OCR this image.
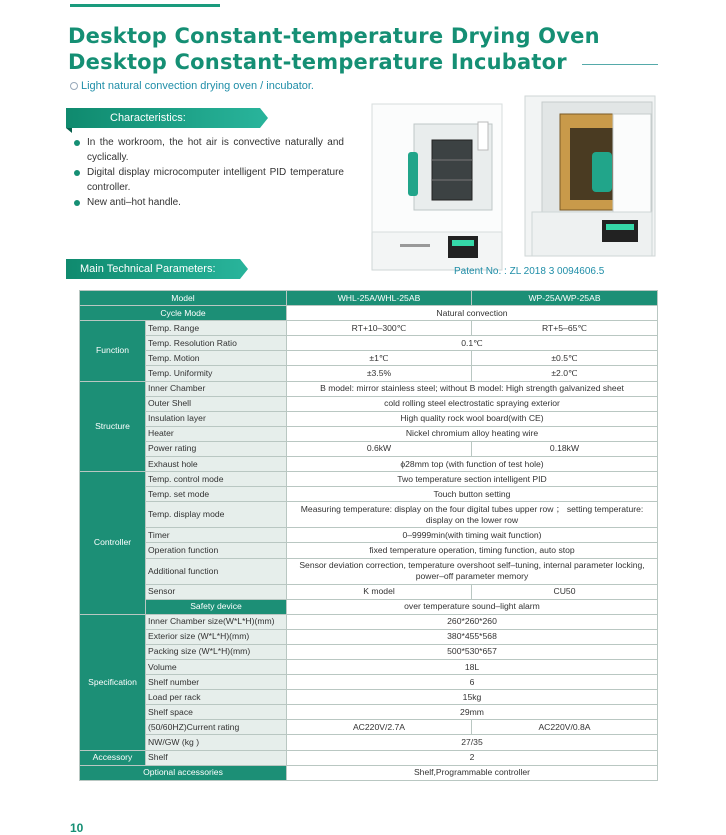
Desktop Constant-temperature Drying Oven
Desktop Constant-temperature Incubator
Light natural convection drying oven / incubator.
Characteristics:
In the workroom, the hot air is convective naturally and cyclically.
Digital display microcomputer intelligent PID temperature controller.
New anti–hot handle.
Patent No. : ZL 2018 3 0094606.5
Main Technical Parameters:
Model		WHL-25A/WHL-25AB	WP-25A/WP-25AB
Cycle Mode		Natural convection	
Function	Temp. Range	RT+10–300℃	RT+5–65℃
	Temp. Resolution Ratio	0.1℃	
	Temp. Motion	±1℃	±0.5℃
	Temp. Uniformity	±3.5%	±2.0℃
Structure	Inner Chamber	B model: mirror stainless steel; without B model: High strength galvanized sheet	
	Outer Shell	cold rolling steel electrostatic spraying exterior	
	Insulation layer	High quality rock wool board(with CE)	
	Heater	Nickel chromium alloy heating wire	
	Power rating	0.6kW	0.18kW
	Exhaust hole	ϕ28mm top (with function of test hole)	
Controller	Temp. control mode	Two temperature section intelligent PID	
	Temp. set mode	Touch button setting	
	Temp. display mode	Measuring temperature: display on the four digital tubes upper row ； setting temperature: display on the lower row	
	Timer	0–9999min(with timing wait function)	
	Operation function	fixed temperature operation, timing function, auto stop	
	Additional function	Sensor deviation correction, temperature overshoot self–tuning, internal parameter locking, power–off parameter memory	
	Sensor	K model	CU50
	Safety device	over temperature sound–light alarm	
Specification	Inner Chamber size(W*L*H)(mm)	260*260*260	
	Exterior size (W*L*H)(mm)	380*455*568	
	Packing size (W*L*H)(mm)	500*530*657	
	Volume	18L	
	Shelf number	6	
	Load per rack	15kg	
	Shelf space	29mm	
	(50/60HZ)Current rating	AC220V/2.7A	AC220V/0.8A
	NW/GW (kg )	27/35	
Accessory	Shelf	2	
Optional accessories		Shelf,Programmable controller	
10
